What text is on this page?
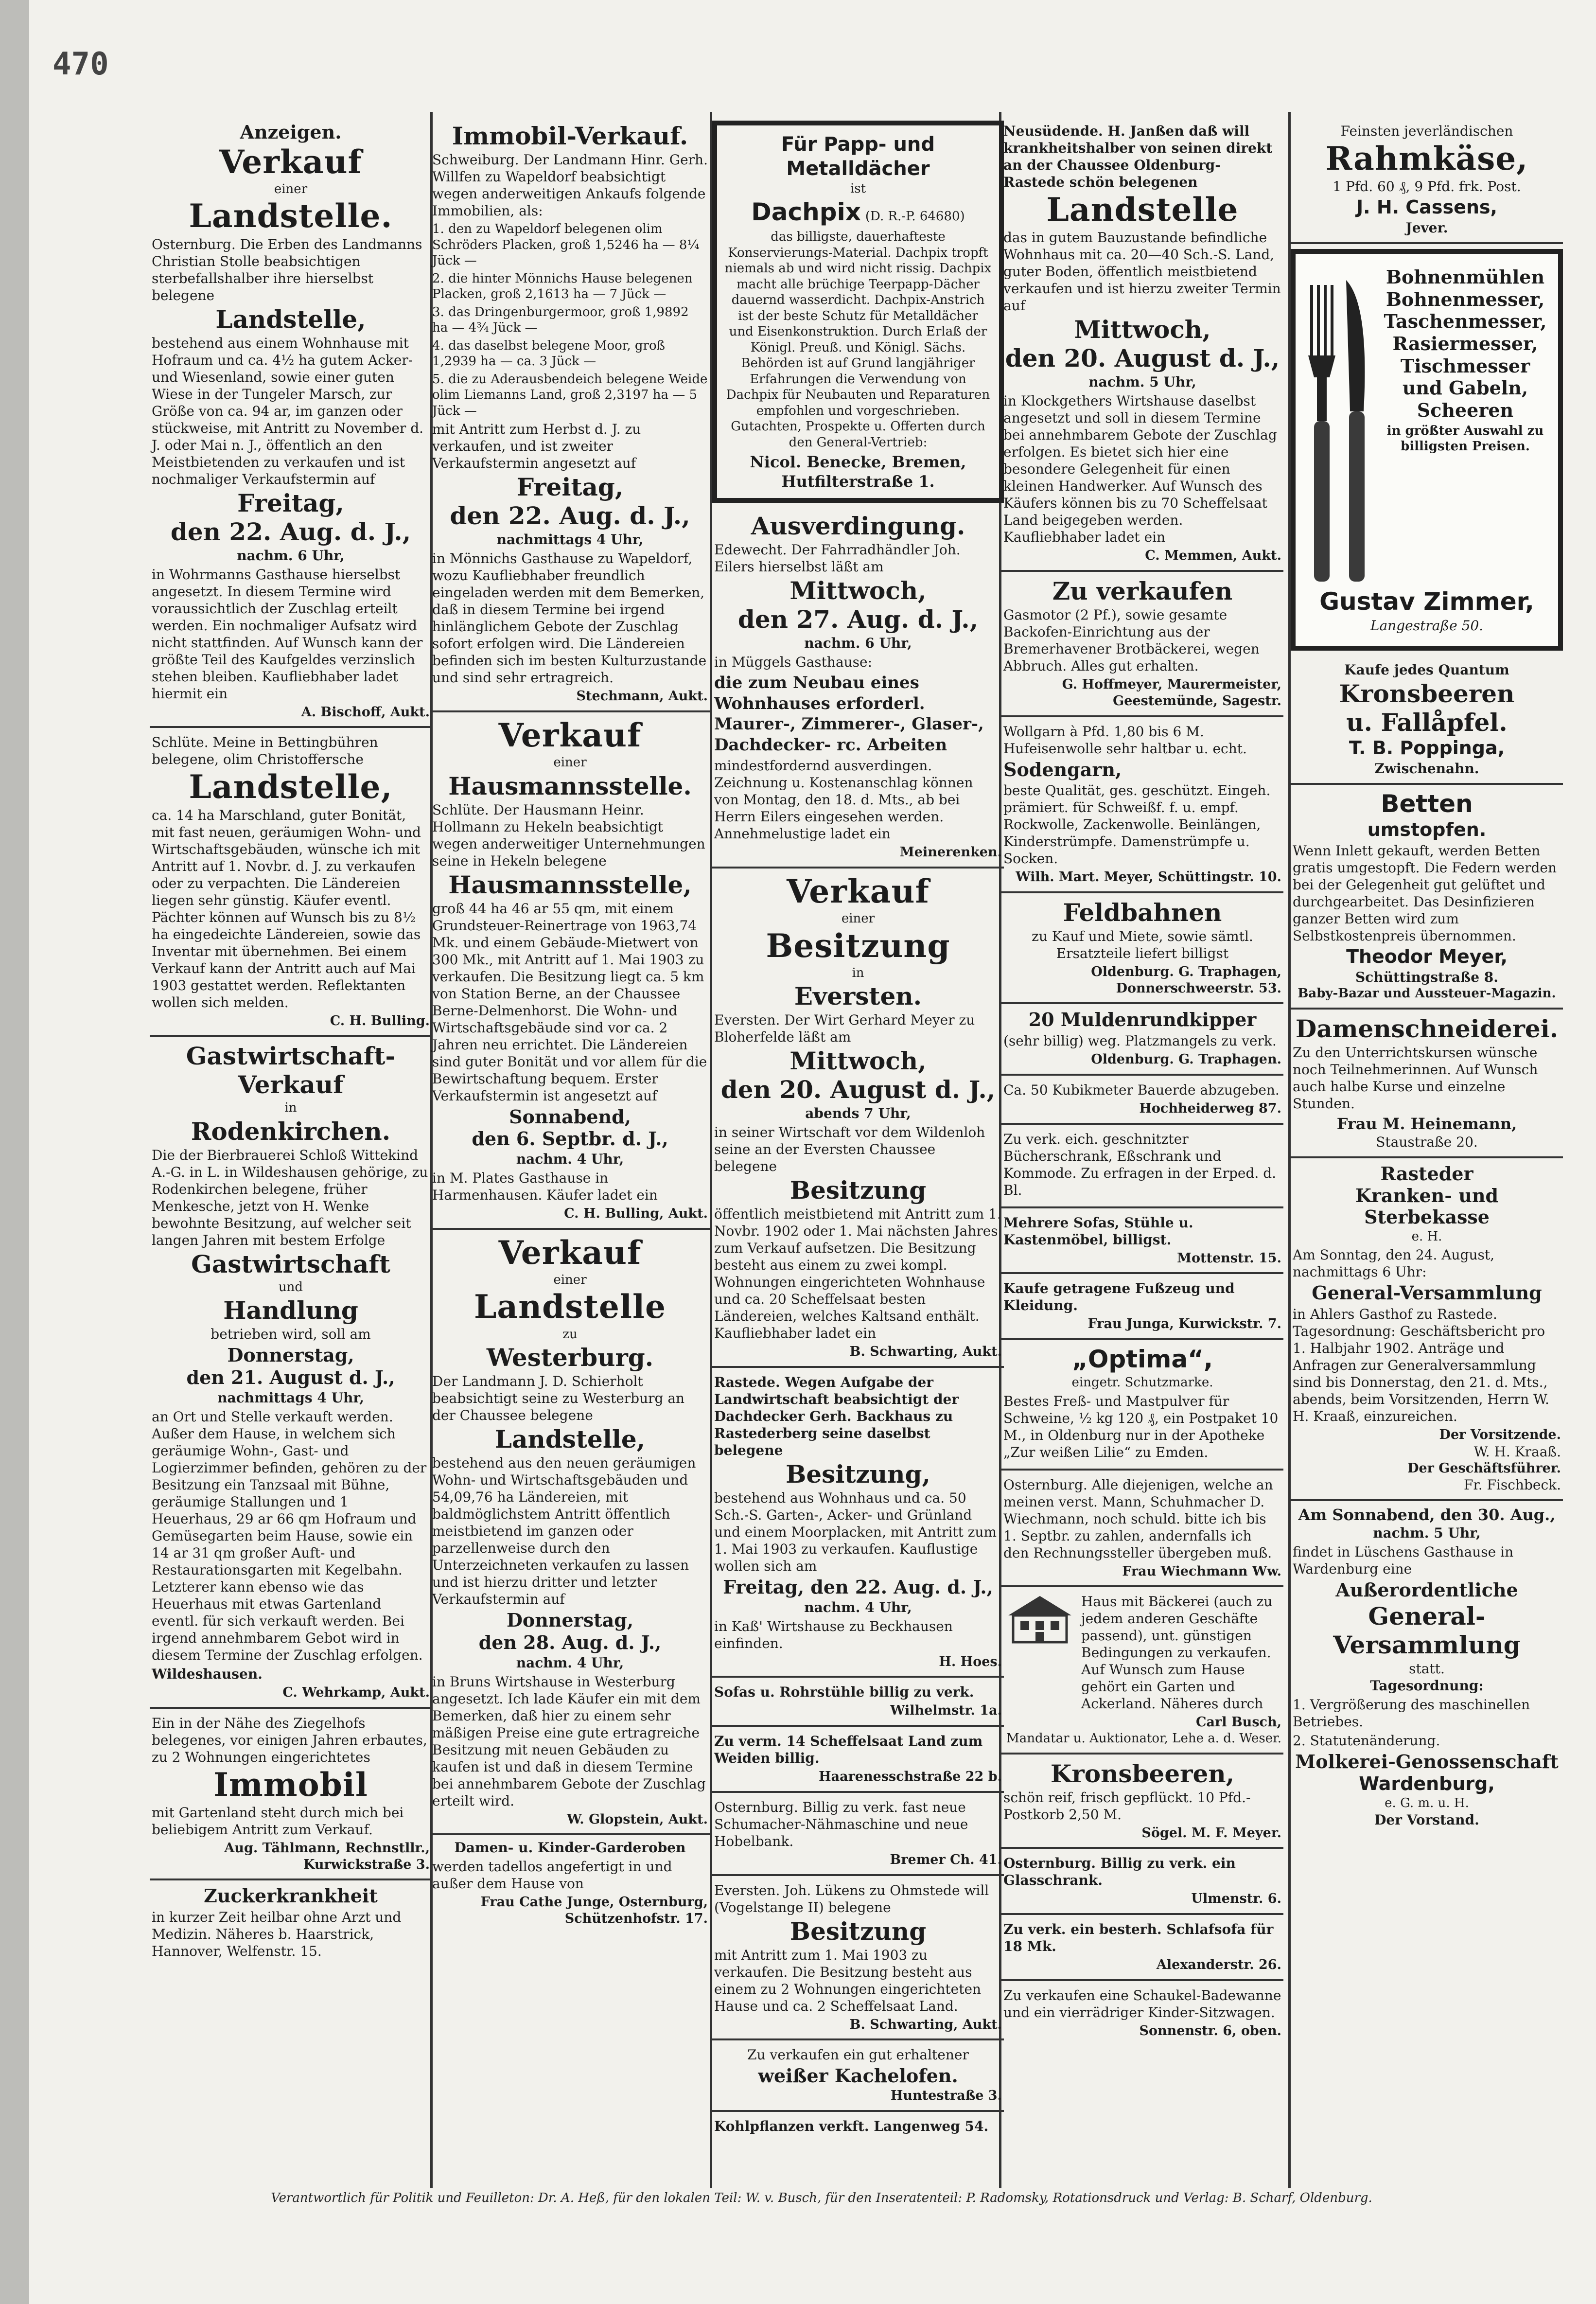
470
Anzeigen.
Verkauf
einer
Landstelle.

Osternburg. Die Erben des Landmanns Christian Stolle beabsichtigen sterbefallshalber ihre hierselbst belegene

Landstelle,

bestehend aus einem Wohnhause mit Hofraum und ca. 4½ ha gutem Acker- und Wiesenland, sowie einer guten Wiese in der Tungeler Marsch, zur Größe von ca. 94 ar, im ganzen oder stückweise, mit Antritt zu November d. J. oder Mai n. J., öffentlich an den Meistbietenden zu verkaufen und ist nochmaliger Verkaufstermin auf

Freitag,
den 22. Aug. d. J.,
nachm. 6 Uhr,

in Wohrmanns Gasthause hierselbst angesetzt. In diesem Termine wird voraussichtlich der Zuschlag erteilt werden. Ein nochmaliger Aufsatz wird nicht stattfinden. Auf Wunsch kann der größte Teil des Kaufgeldes verzinslich stehen bleiben. Kaufliebhaber ladet hiermit ein

A. Bischoff, Aukt.

Schlüte. Meine in Bettingbühren belegene, olim Christoffersche

Landstelle,

ca. 14 ha Marschland, guter Bonität, mit fast neuen, geräumigen Wohn- und Wirtschaftsgebäuden, wünsche ich mit Antritt auf 1. Novbr. d. J. zu verkaufen oder zu verpachten. Die Ländereien liegen sehr günstig. Käufer eventl. Pächter können auf Wunsch bis zu 8½ ha eingedeichte Ländereien, sowie das Inventar mit übernehmen. Bei einem Verkauf kann der Antritt auch auf Mai 1903 gestattet werden. Reflektanten wollen sich melden.

C. H. Bulling.
Gastwirtschaft-
Verkauf
in
Rodenkirchen.

Die der Bierbrauerei Schloß Wittekind A.-G. in L. in Wildeshausen gehörige, zu Rodenkirchen belegene, früher Menkesche, jetzt von H. Wenke bewohnte Besitzung, auf welcher seit langen Jahren mit bestem Erfolge

Gastwirtschaft
und
Handlung

betrieben wird, soll am

Donnerstag,
den 21. August d. J.,
nachmittags 4 Uhr,

an Ort und Stelle verkauft werden. Außer dem Hause, in welchem sich geräumige Wohn-, Gast- und Logierzimmer befinden, gehören zu der Besitzung ein Tanzsaal mit Bühne, geräumige Stallungen und 1 Heuerhaus, 29 ar 66 qm Hofraum und Gemüsegarten beim Hause, sowie ein 14 ar 31 qm großer Auft- und Restaurationsgarten mit Kegelbahn. Letzterer kann ebenso wie das Heuerhaus mit etwas Gartenland eventl. für sich verkauft werden. Bei irgend annehmbarem Gebot wird in diesem Termine der Zuschlag erfolgen.

Wildeshausen.

C. Wehrkamp, Aukt.

Ein in der Nähe des Ziegelhofs belegenes, vor einigen Jahren erbautes, zu 2 Wohnungen eingerichtetes

Immobil

mit Gartenland steht durch mich bei beliebigem Antritt zum Verkauf.

Aug. Tählmann, Rechnstllr., Kurwickstraße 3.
Zuckerkrankheit

in kurzer Zeit heilbar ohne Arzt und Medizin. Näheres b. Haarstrick, Hannover, Welfenstr. 15.

Immobil-Verkauf.

Schweiburg. Der Landmann Hinr. Gerh. Willfen zu Wapeldorf beabsichtigt wegen anderweitigen Ankaufs folgende Immobilien, als:

1. den zu Wapeldorf belegenen olim Schröders Placken, groß 1,5246 ha — 8¼ Jück —

2. die hinter Mönnichs Hause belegenen Placken, groß 2,1613 ha — 7 Jück —

3. das Dringenburgermoor, groß 1,9892 ha — 4¾ Jück —

4. das daselbst belegene Moor, groß 1,2939 ha — ca. 3 Jück —

5. die zu Aderausbendeich belegene Weide olim Liemanns Land, groß 2,3197 ha — 5 Jück —

mit Antritt zum Herbst d. J. zu verkaufen, und ist zweiter Verkaufstermin angesetzt auf

Freitag,
den 22. Aug. d. J.,
nachmittags 4 Uhr,

in Mönnichs Gasthause zu Wapeldorf, wozu Kaufliebhaber freundlich eingeladen werden mit dem Bemerken, daß in diesem Termine bei irgend hinlänglichem Gebote der Zuschlag sofort erfolgen wird. Die Ländereien befinden sich im besten Kulturzustande und sind sehr ertragreich.

Stechmann, Aukt.
Verkauf
einer
Hausmannsstelle.

Schlüte. Der Hausmann Heinr. Hollmann zu Hekeln beabsichtigt wegen anderweitiger Unternehmungen seine in Hekeln belegene

Hausmannsstelle,

groß 44 ha 46 ar 55 qm, mit einem Grundsteuer-Reinertrage von 1963,74 Mk. und einem Gebäude-Mietwert von 300 Mk., mit Antritt auf 1. Mai 1903 zu verkaufen. Die Besitzung liegt ca. 5 km von Station Berne, an der Chaussee Berne-Delmenhorst. Die Wohn- und Wirtschaftsgebäude sind vor ca. 2 Jahren neu errichtet. Die Ländereien sind guter Bonität und vor allem für die Bewirtschaftung bequem. Erster Verkaufstermin ist angesetzt auf

Sonnabend,
den 6. Septbr. d. J.,
nachm. 4 Uhr,

in M. Plates Gasthause in Harmenhausen. Käufer ladet ein

C. H. Bulling, Aukt.
Verkauf
einer
Landstelle
zu
Westerburg.

Der Landmann J. D. Schierholt beabsichtigt seine zu Westerburg an der Chaussee belegene

Landstelle,

bestehend aus den neuen geräumigen Wohn- und Wirtschaftsgebäuden und 54,09,76 ha Ländereien, mit baldmöglichstem Antritt öffentlich meistbietend im ganzen oder parzellenweise durch den Unterzeichneten verkaufen zu lassen und ist hierzu dritter und letzter Verkaufstermin auf

Donnerstag,
den 28. Aug. d. J.,
nachm. 4 Uhr,

in Bruns Wirtshause in Westerburg angesetzt. Ich lade Käufer ein mit dem Bemerken, daß hier zu einem sehr mäßigen Preise eine gute ertragreiche Besitzung mit neuen Gebäuden zu kaufen ist und daß in diesem Termine bei annehmbarem Gebote der Zuschlag erteilt wird.

W. Glopstein, Aukt.
Damen- u. Kinder-Garderoben

werden tadellos angefertigt in und außer dem Hause von

Frau Cathe Junge, Osternburg, Schützenhofstr. 17.
Für Papp- und Metalldächer
ist
Dachpix (D. R.-P. 64680)

das billigste, dauerhafteste Konservierungs-Material. Dachpix tropft niemals ab und wird nicht rissig. Dachpix macht alle brüchige Teerpapp-Dächer dauernd wasserdicht. Dachpix-Anstrich ist der beste Schutz für Metalldächer und Eisenkonstruktion. Durch Erlaß der Königl. Preuß. und Königl. Sächs. Behörden ist auf Grund langjähriger Erfahrungen die Verwendung von Dachpix für Neubauten und Reparaturen empfohlen und vorgeschrieben. Gutachten, Prospekte u. Offerten durch den General-Vertrieb:

Nicol. Benecke, Bremen, Hutfilterstraße 1.
Ausverdingung.

Edewecht. Der Fahrradhändler Joh. Eilers hierselbst läßt am

Mittwoch,
den 27. Aug. d. J.,
nachm. 6 Uhr,

in Müggels Gasthause:

die zum Neubau eines Wohnhauses erforderl. Maurer-, Zimmerer-, Glaser-, Dachdecker- rc. Arbeiten

mindestfordernd ausverdingen. Zeichnung u. Kostenanschlag können von Montag, den 18. d. Mts., ab bei Herrn Eilers eingesehen werden. Annehmelustige ladet ein

Meinerenken.
Verkauf
einer
Besitzung
in
Eversten.

Eversten. Der Wirt Gerhard Meyer zu Bloherfelde läßt am

Mittwoch,
den 20. August d. J.,
abends 7 Uhr,

in seiner Wirtschaft vor dem Wildenloh seine an der Eversten Chaussee belegene

Besitzung

öffentlich meistbietend mit Antritt zum 1. Novbr. 1902 oder 1. Mai nächsten Jahres zum Verkauf aufsetzen. Die Besitzung besteht aus einem zu zwei kompl. Wohnungen eingerichteten Wohnhause und ca. 20 Scheffelsaat besten Ländereien, welches Kaltsand enthält. Kaufliebhaber ladet ein

B. Schwarting, Aukt.

Rastede. Wegen Aufgabe der Landwirtschaft beabsichtigt der Dachdecker Gerh. Backhaus zu Rastederberg seine daselbst belegene

Besitzung,

bestehend aus Wohnhaus und ca. 50 Sch.-S. Garten-, Acker- und Grünland und einem Moorplacken, mit Antritt zum 1. Mai 1903 zu verkaufen. Kauflustige wollen sich am

Freitag, den 22. Aug. d. J.,
nachm. 4 Uhr,

in Kaß' Wirtshause zu Beckhausen einfinden.

H. Hoes.

Sofas u. Rohrstühle billig zu verk.

Wilhelmstr. 1a.

Zu verm. 14 Scheffelsaat Land zum Weiden billig.

Haarenesschstraße 22 b.

Osternburg. Billig zu verk. fast neue Schumacher-Nähmaschine und neue Hobelbank.

Bremer Ch. 41.

Eversten. Joh. Lükens zu Ohmstede will (Vogelstange II) belegene

Besitzung

mit Antritt zum 1. Mai 1903 zu verkaufen. Die Besitzung besteht aus einem zu 2 Wohnungen eingerichteten Hause und ca. 2 Scheffelsaat Land.

B. Schwarting, Aukt.

Zu verkaufen ein gut erhaltener

weißer Kachelofen.
Huntestraße 3.

Kohlpflanzen verkft. Langenweg 54.

Neusüdende. H. Janßen daß will krankheitshalber von seinen direkt an der Chaussee Oldenburg-Rastede schön belegenen

Landstelle

das in gutem Bauzustande befindliche Wohnhaus mit ca. 20—40 Sch.-S. Land, guter Boden, öffentlich meistbietend verkaufen und ist hierzu zweiter Termin auf

Mittwoch,
den 20. August d. J.,
nachm. 5 Uhr,

in Klockgethers Wirtshause daselbst angesetzt und soll in diesem Termine bei annehmbarem Gebote der Zuschlag erfolgen. Es bietet sich hier eine besondere Gelegenheit für einen kleinen Handwerker. Auf Wunsch des Käufers können bis zu 70 Scheffelsaat Land beigegeben werden. Kaufliebhaber ladet ein

C. Memmen, Aukt.
Zu verkaufen

Gasmotor (2 Pf.), sowie gesamte Backofen-Einrichtung aus der Bremerhavener Brotbäckerei, wegen Abbruch. Alles gut erhalten.

G. Hoffmeyer, Maurermeister, Geestemünde, Sagestr.

Wollgarn à Pfd. 1,80 bis 6 M. Hufeisenwolle sehr haltbar u. echt.

Sodengarn,

beste Qualität, ges. geschützt. Eingeh. prämiert. für Schweißf. f. u. empf. Rockwolle, Zackenwolle. Beinlängen, Kinderstrümpfe. Damenstrümpfe u. Socken.

Wilh. Mart. Meyer, Schüttingstr. 10.
Feldbahnen

zu Kauf und Miete, sowie sämtl. Ersatzteile liefert billigst

Oldenburg. G. Traphagen, Donnerschweerstr. 53.
20 Muldenrundkipper

(sehr billig) weg. Platzmangels zu verk.

Oldenburg. G. Traphagen.

Ca. 50 Kubikmeter Bauerde abzugeben.

Hochheiderweg 87.

Zu verk. eich. geschnitzter Bücherschrank, Eßschrank und Kommode. Zu erfragen in der Erped. d. Bl.

Mehrere Sofas, Stühle u. Kastenmöbel, billigst.

Mottenstr. 15.

Kaufe getragene Fußzeug und Kleidung.

Frau Junga, Kurwickstr. 7.
„Optima“,
eingetr. Schutzmarke.

Bestes Freß- und Mastpulver für Schweine, ½ kg 120 ₰, ein Postpaket 10 M., in Oldenburg nur in der Apotheke „Zur weißen Lilie“ zu Emden.

Osternburg. Alle diejenigen, welche an meinen verst. Mann, Schuhmacher D. Wiechmann, noch schuld. bitte ich bis 1. Septbr. zu zahlen, andernfalls ich den Rechnungssteller übergeben muß.

Frau Wiechmann Ww.

Haus mit Bäckerei (auch zu jedem anderen Geschäfte passend), unt. günstigen Bedingungen zu verkaufen. Auf Wunsch zum Hause gehört ein Garten und Ackerland. Näheres durch

Carl Busch,
Mandatar u. Auktionator, Lehe a. d. Weser.
Kronsbeeren,

schön reif, frisch gepflückt. 10 Pfd.-Postkorb 2,50 M.

Sögel. M. F. Meyer.

Osternburg. Billig zu verk. ein Glasschrank.

Ulmenstr. 6.

Zu verk. ein besterh. Schlafsofa für 18 Mk.

Alexanderstr. 26.

Zu verkaufen eine Schaukel-Badewanne und ein vierrädriger Kinder-Sitzwagen.

Sonnenstr. 6, oben.

Feinsten jeverländischen

Rahmkäse,

1 Pfd. 60 ₰, 9 Pfd. frk. Post.

J. H. Cassens,
Jever.
Bohnenmühlen
Bohnenmesser,
Taschenmesser,
Rasiermesser,
Tischmesser
und Gabeln,
Scheeren

in größter Auswahl zu billigsten Preisen.

Gustav Zimmer,
Langestraße 50.

Kaufe jedes Quantum

Kronsbeeren
u. Fallåpfel.
T. B. Poppinga,
Zwischenahn.
Betten
umstopfen.

Wenn Inlett gekauft, werden Betten gratis umgestopft. Die Federn werden bei der Gelegenheit gut gelüftet und durchgearbeitet. Das Desinfizieren ganzer Betten wird zum Selbstkostenpreis übernommen.

Theodor Meyer,
Schüttingstraße 8.
Baby-Bazar und Aussteuer-Magazin.
Damenschneiderei.

Zu den Unterrichtskursen wünsche noch Teilnehmerinnen. Auf Wunsch auch halbe Kurse und einzelne Stunden.

Frau M. Heinemann,
Staustraße 20.
Rasteder
Kranken- und Sterbekasse
e. H.

Am Sonntag, den 24. August, nachmittags 6 Uhr:

General-Versammlung

in Ahlers Gasthof zu Rastede. Tagesordnung: Geschäftsbericht pro 1. Halbjahr 1902. Anträge und Anfragen zur Generalversammlung sind bis Donnerstag, den 21. d. Mts., abends, beim Vorsitzenden, Herrn W. H. Kraaß, einzureichen.

Der Vorsitzende.
W. H. Kraaß.
Der Geschäftsführer.
Fr. Fischbeck.
Am Sonnabend, den 30. Aug.,
nachm. 5 Uhr,

findet in Lüschens Gasthause in Wardenburg eine

Außerordentliche
General-
Versammlung
statt.
Tagesordnung:

1. Vergrößerung des maschinellen Betriebes.

2. Statutenänderung.

Molkerei-Genossenschaft
Wardenburg,
e. G. m. u. H.
Der Vorstand.
Verantwortlich für Politik und Feuilleton: Dr. A. Heß, für den lokalen Teil: W. v. Busch, für den Inseratenteil: P. Radomsky, Rotationsdruck und Verlag: B. Scharf, Oldenburg.
